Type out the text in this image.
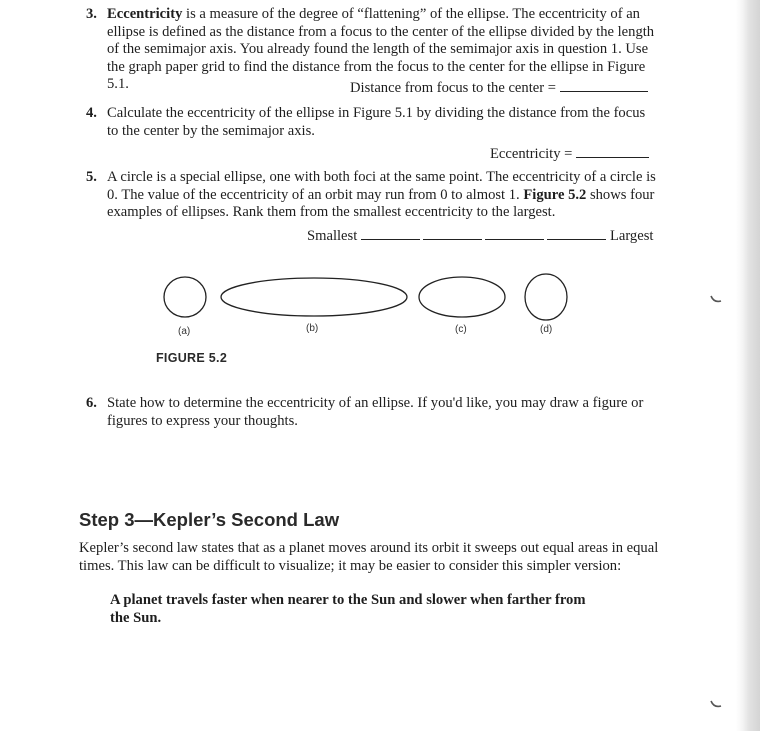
3. Eccentricity is a measure of the degree of “flattening” of the ellipse. The eccentricity of an ellipse is defined as the distance from a focus to the center of the ellipse divided by the length of the semimajor axis. You already found the length of the semimajor axis in question 1. Use the graph paper grid to find the distance from the focus to the center for the ellipse in Figure 5.1.	Distance from focus to the center =
4. Calculate the eccentricity of the ellipse in Figure 5.1 by dividing the distance from the focus to the center by the semimajor axis.
Eccentricity =
5. A circle is a special ellipse, one with both foci at the same point. The eccentricity of a circle is 0. The value of the eccentricity of an orbit may run from 0 to almost 1. Figure 5.2 shows four examples of ellipses. Rank them from the smallest eccentricity to the largest.
Smallest	Largest
(a)	(b)	(c)	(d)
FIGURE 5.2
6. State how to determine the eccentricity of an ellipse. If you'd like, you may draw a figure or figures to express your thoughts.
Step 3—Kepler’s Second Law
Kepler’s second law states that as a planet moves around its orbit it sweeps out equal areas in equal times. This law can be difficult to visualize; it may be easier to consider this simpler version:
A planet travels faster when nearer to the Sun and slower when farther from the Sun.
